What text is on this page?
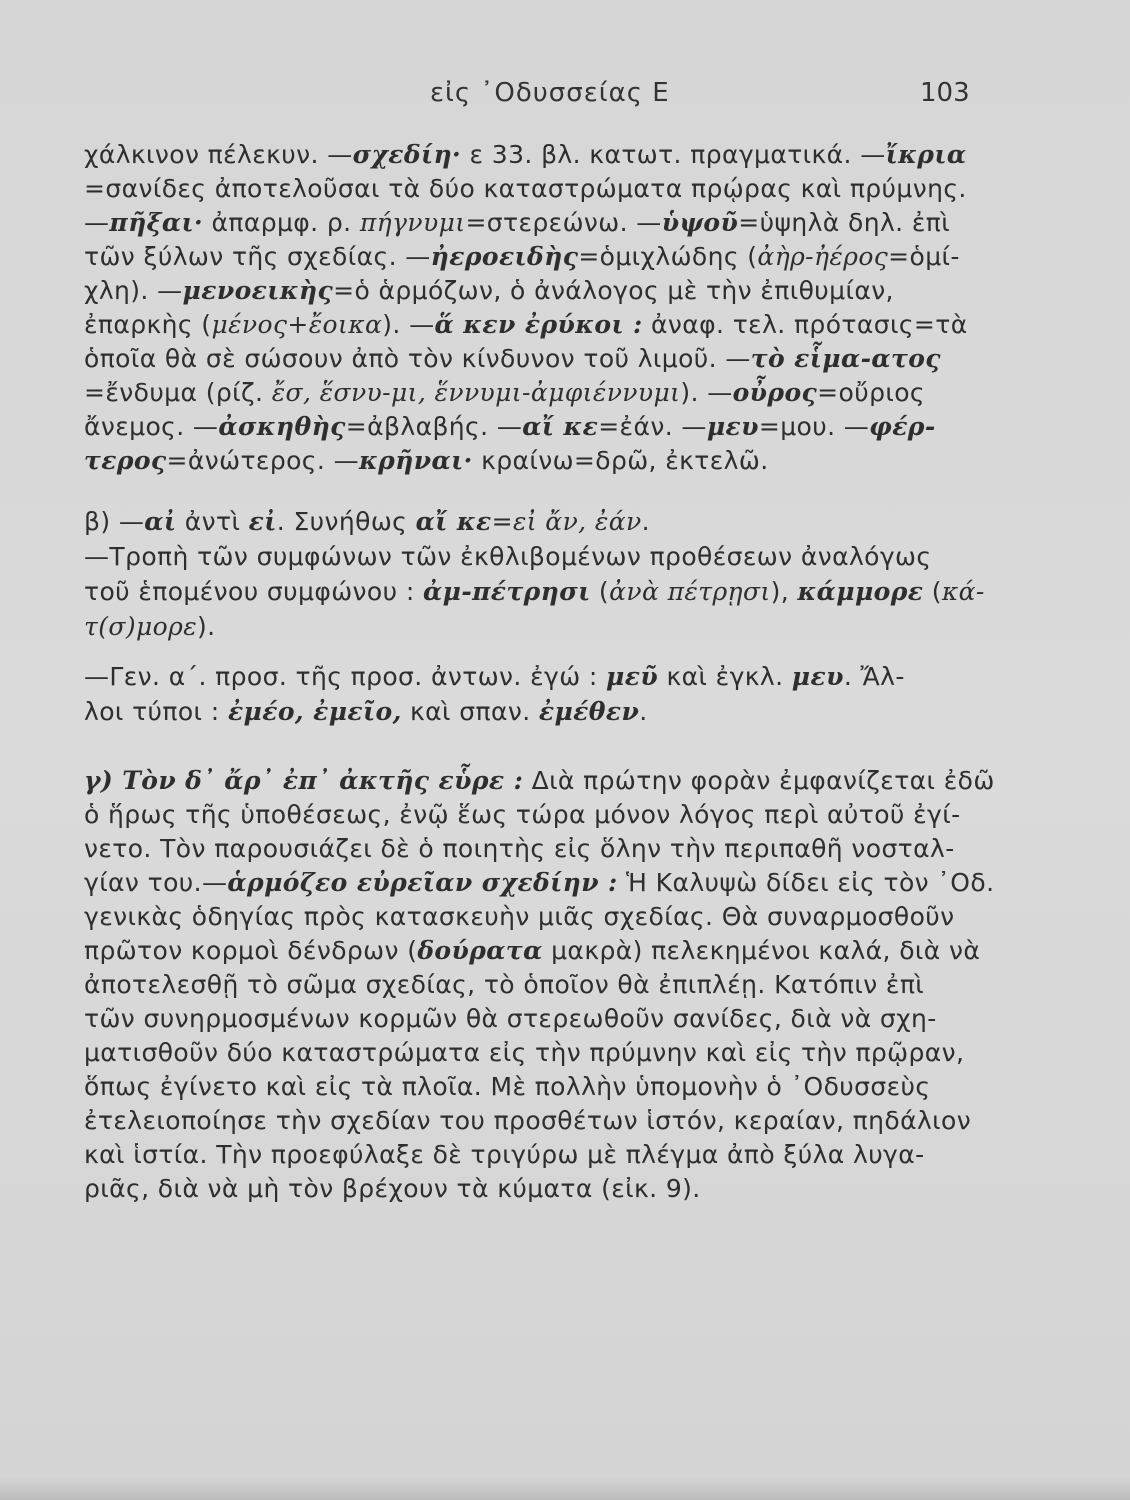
εἰς ᾽Οδυσσείας Ε	103
χάλκινον πέλεκυν. —σχεδίη· ε 33. βλ. κατωτ. πραγματικά. —ἴκρια
=σανίδες ἀποτελοῦσαι τὰ δύο καταστρώματα πρῴρας καὶ πρύμνης.
—πῆξαι· ἀπαρμφ. ρ. πήγνυμι=στερεώνω. —ὑψοῦ=ὑψηλὰ δηλ. ἐπὶ
τῶν ξύλων τῆς σχεδίας. —ἠεροειδὴς=ὁμιχλώδης (ἀὴρ-ἠέρος=ὁμί-
χλη). —μενοεικὴς=ὁ ἁρμόζων, ὁ ἀνάλογος μὲ τὴν ἐπιθυμίαν,
ἐπαρκὴς (μένος+ἔοικα). —ἅ κεν ἐρύκοι : ἀναφ. τελ. πρότασις=τὰ
ὁποῖα θὰ σὲ σώσουν ἀπὸ τὸν κίνδυνον τοῦ λιμοῦ. —τὸ εἷμα-ατος
=ἔνδυμα (ρίζ. ἔσ, ἕσνυ-μι, ἕννυμι-ἀμφιέννυμι). —οὖρος=οὔριος
ἄνεμος. —ἀσκηθὴς=ἀβλαβής. —αἴ κε=ἐάν. —μευ=μου. —φέρ-
τερος=ἀνώτερος. —κρῆναι· κραίνω=δρῶ, ἐκτελῶ.
β) —αἰ ἀντὶ εἰ. Συνήθως αἴ κε=εἰ ἄν, ἐάν.
—Τροπὴ τῶν συμφώνων τῶν ἐκθλιβομένων προθέσεων ἀναλόγως
τοῦ ἑπομένου συμφώνου : ἀμ-πέτρησι (ἀνὰ πέτρῃσι), κάμμορε (κά-
τ(σ)μορε).
—Γεν. α΄. προσ. τῆς προσ. ἀντων. ἐγώ : μεῦ καὶ ἐγκλ. μευ. Ἄλ-
λοι τύποι : ἐμέο, ἐμεῖο, καὶ σπαν. ἐμέθεν.
γ) Τὸν δ᾽ ἄρ᾽ ἐπ᾽ ἀκτῆς εὗρε : Διὰ πρώτην φορὰν ἐμφανίζεται ἐδῶ
ὁ ἥρως τῆς ὑποθέσεως, ἐνῷ ἕως τώρα μόνον λόγος περὶ αὐτοῦ ἐγί-
νετο. Τὸν παρουσιάζει δὲ ὁ ποιητὴς εἰς ὅλην τὴν περιπαθῆ νοσταλ-
γίαν του.—ἁρμόζεο εὐρεῖαν σχεδίην : Ἡ Καλυψὼ δίδει εἰς τὸν ᾽Οδ.
γενικὰς ὁδηγίας πρὸς κατασκευὴν μιᾶς σχεδίας. Θὰ συναρμοσθοῦν
πρῶτον κορμοὶ δένδρων (δούρατα μακρὰ) πελεκημένοι καλά, διὰ νὰ
ἀποτελεσθῇ τὸ σῶμα σχεδίας, τὸ ὁποῖον θὰ ἐπιπλέῃ. Κατόπιν ἐπὶ
τῶν συνηρμοσμένων κορμῶν θὰ στερεωθοῦν σανίδες, διὰ νὰ σχη-
ματισθοῦν δύο καταστρώματα εἰς τὴν πρύμνην καὶ εἰς τὴν πρῷραν,
ὅπως ἐγίνετο καὶ εἰς τὰ πλοῖα. Μὲ πολλὴν ὑπομονὴν ὁ ᾽Οδυσσεὺς
ἐτελειοποίησε τὴν σχεδίαν του προσθέτων ἱστόν, κεραίαν, πηδάλιον
καὶ ἱστία. Τὴν προεφύλαξε δὲ τριγύρω μὲ πλέγμα ἀπὸ ξύλα λυγα-
ριᾶς, διὰ νὰ μὴ τὸν βρέχουν τὰ κύματα (εἰκ. 9).
